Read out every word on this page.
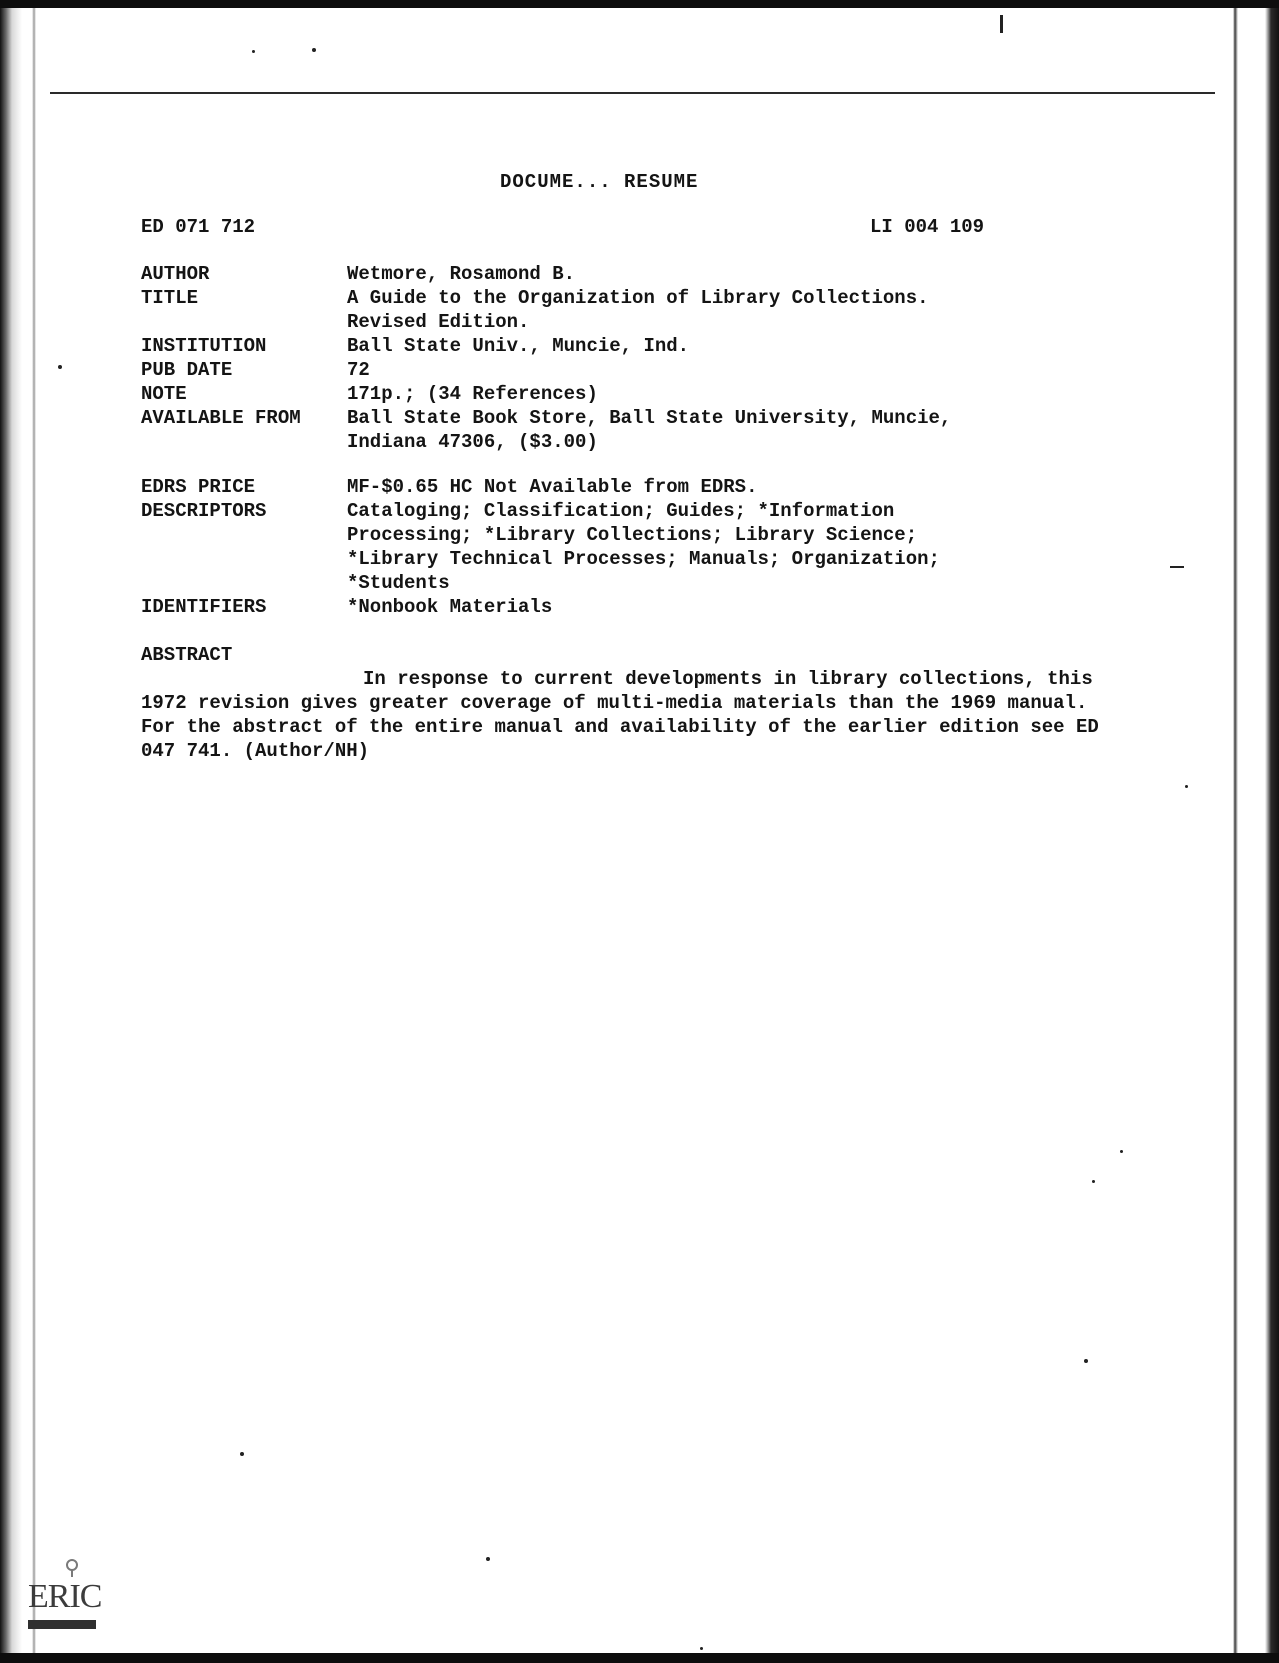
DOCUME... RESUME
ED 071 712	LI 004 109
AUTHOR	Wetmore, Rosamond B.
TITLE	A Guide to the Organization of Library Collections.
Revised Edition.
INSTITUTION	Ball State Univ., Muncie, Ind.
PUB DATE	72
NOTE	171p.; (34 References)
AVAILABLE FROM Ball State Book Store, Ball State University, Muncie,
Indiana 47306, ($3.00)
EDRS PRICE	MF-$0.65 HC Not Available from EDRS.
DESCRIPTORS	Cataloging; Classification; Guides; *Information
Processing; *Library Collections; Library Science;
*Library Technical Processes; Manuals; Organization;
*Students
IDENTIFIERS	*Nonbook Materials
ABSTRACT
In response to current developments in library collections, this 1972 revision gives greater coverage of multi-media materials than the 1969 manual. For the abstract of the entire manual and availability of the earlier edition see ED 047 741. (Author/NH)
ERIC
